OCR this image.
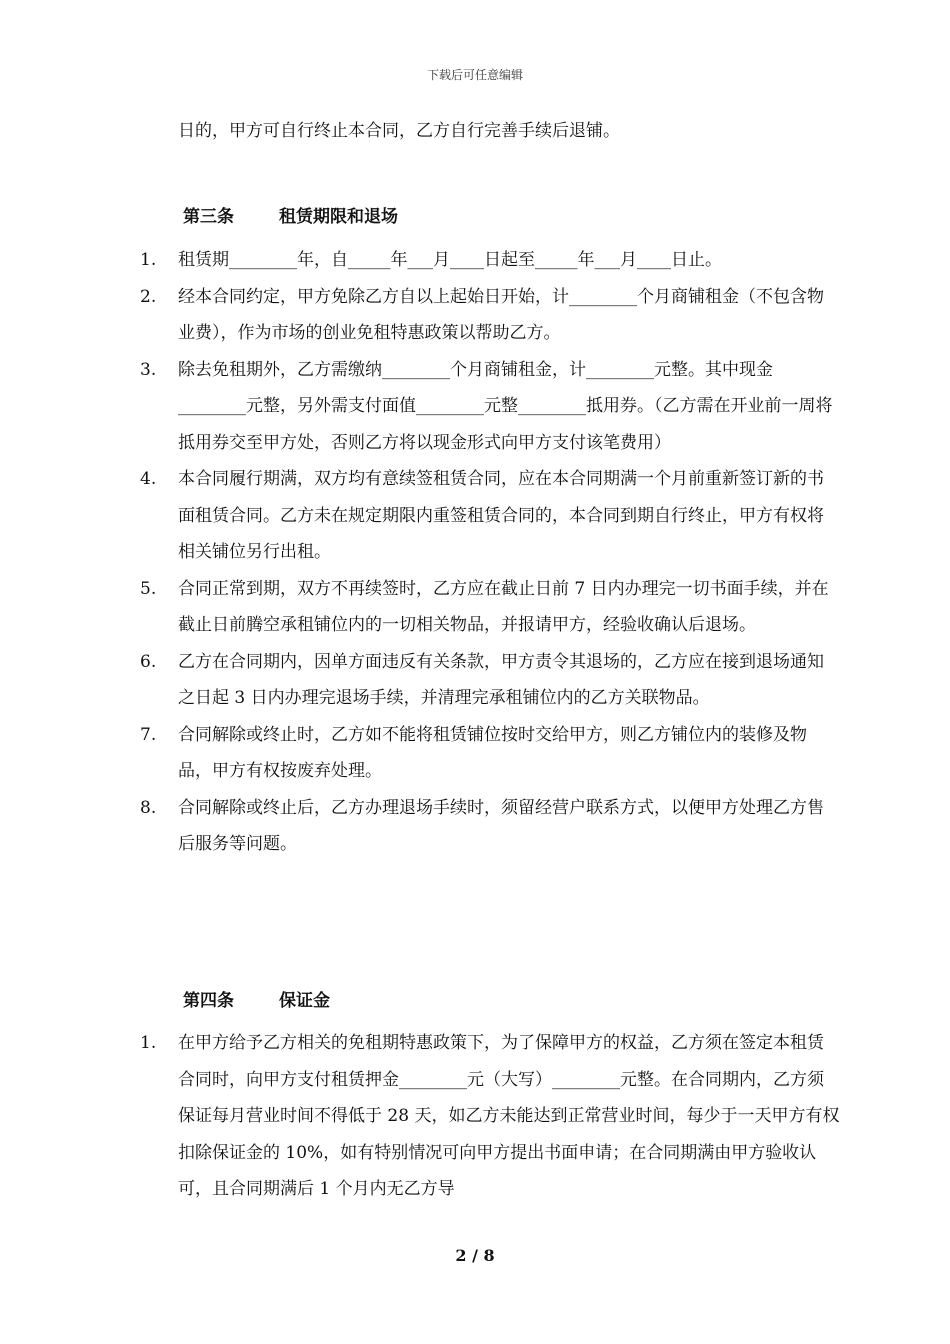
下载后可任意编辑
日的，甲方可自行终止本合同，乙方自行完善手续后退铺。
第三条	租赁期限和退场
1.	租赁期________年，自_____年___月____日起至_____年___月____日止。
2.	经本合同约定，甲方免除乙方自以上起始日开始，计________个月商铺租金（不包含物业费），作为市场的创业免租特惠政策以帮助乙方。
3.	除去免租期外，乙方需缴纳________个月商铺租金，计________元整。其中现金________元整，另外需支付面值________元整________抵用券。（乙方需在开业前一周将抵用券交至甲方处，否则乙方将以现金形式向甲方支付该笔费用）
4.	本合同履行期满，双方均有意续签租赁合同，应在本合同期满一个月前重新签订新的书面租赁合同。乙方未在规定期限内重签租赁合同的，本合同到期自行终止，甲方有权将相关铺位另行出租。
5.	合同正常到期，双方不再续签时，乙方应在截止日前 7 日内办理完一切书面手续，并在截止日前腾空承租铺位内的一切相关物品，并报请甲方，经验收确认后退场。
6.	乙方在合同期内，因单方面违反有关条款，甲方责令其退场的，乙方应在接到退场通知之日起 3 日内办理完退场手续，并清理完承租铺位内的乙方关联物品。
7.	合同解除或终止时，乙方如不能将租赁铺位按时交给甲方，则乙方铺位内的装修及物品，甲方有权按废弃处理。
8.	合同解除或终止后，乙方办理退场手续时，须留经营户联系方式，以便甲方处理乙方售后服务等问题。
第四条	保证金
1.	在甲方给予乙方相关的免租期特惠政策下，为了保障甲方的权益，乙方须在签定本租赁合同时，向甲方支付租赁押金________元（大写）________元整。在合同期内，乙方须保证每月营业时间不得低于 28 天，如乙方未能达到正常营业时间，每少于一天甲方有权扣除保证金的 10%，如有特别情况可向甲方提出书面申请；在合同期满由甲方验收认可，且合同期满后 1 个月内无乙方导
2 / 8
